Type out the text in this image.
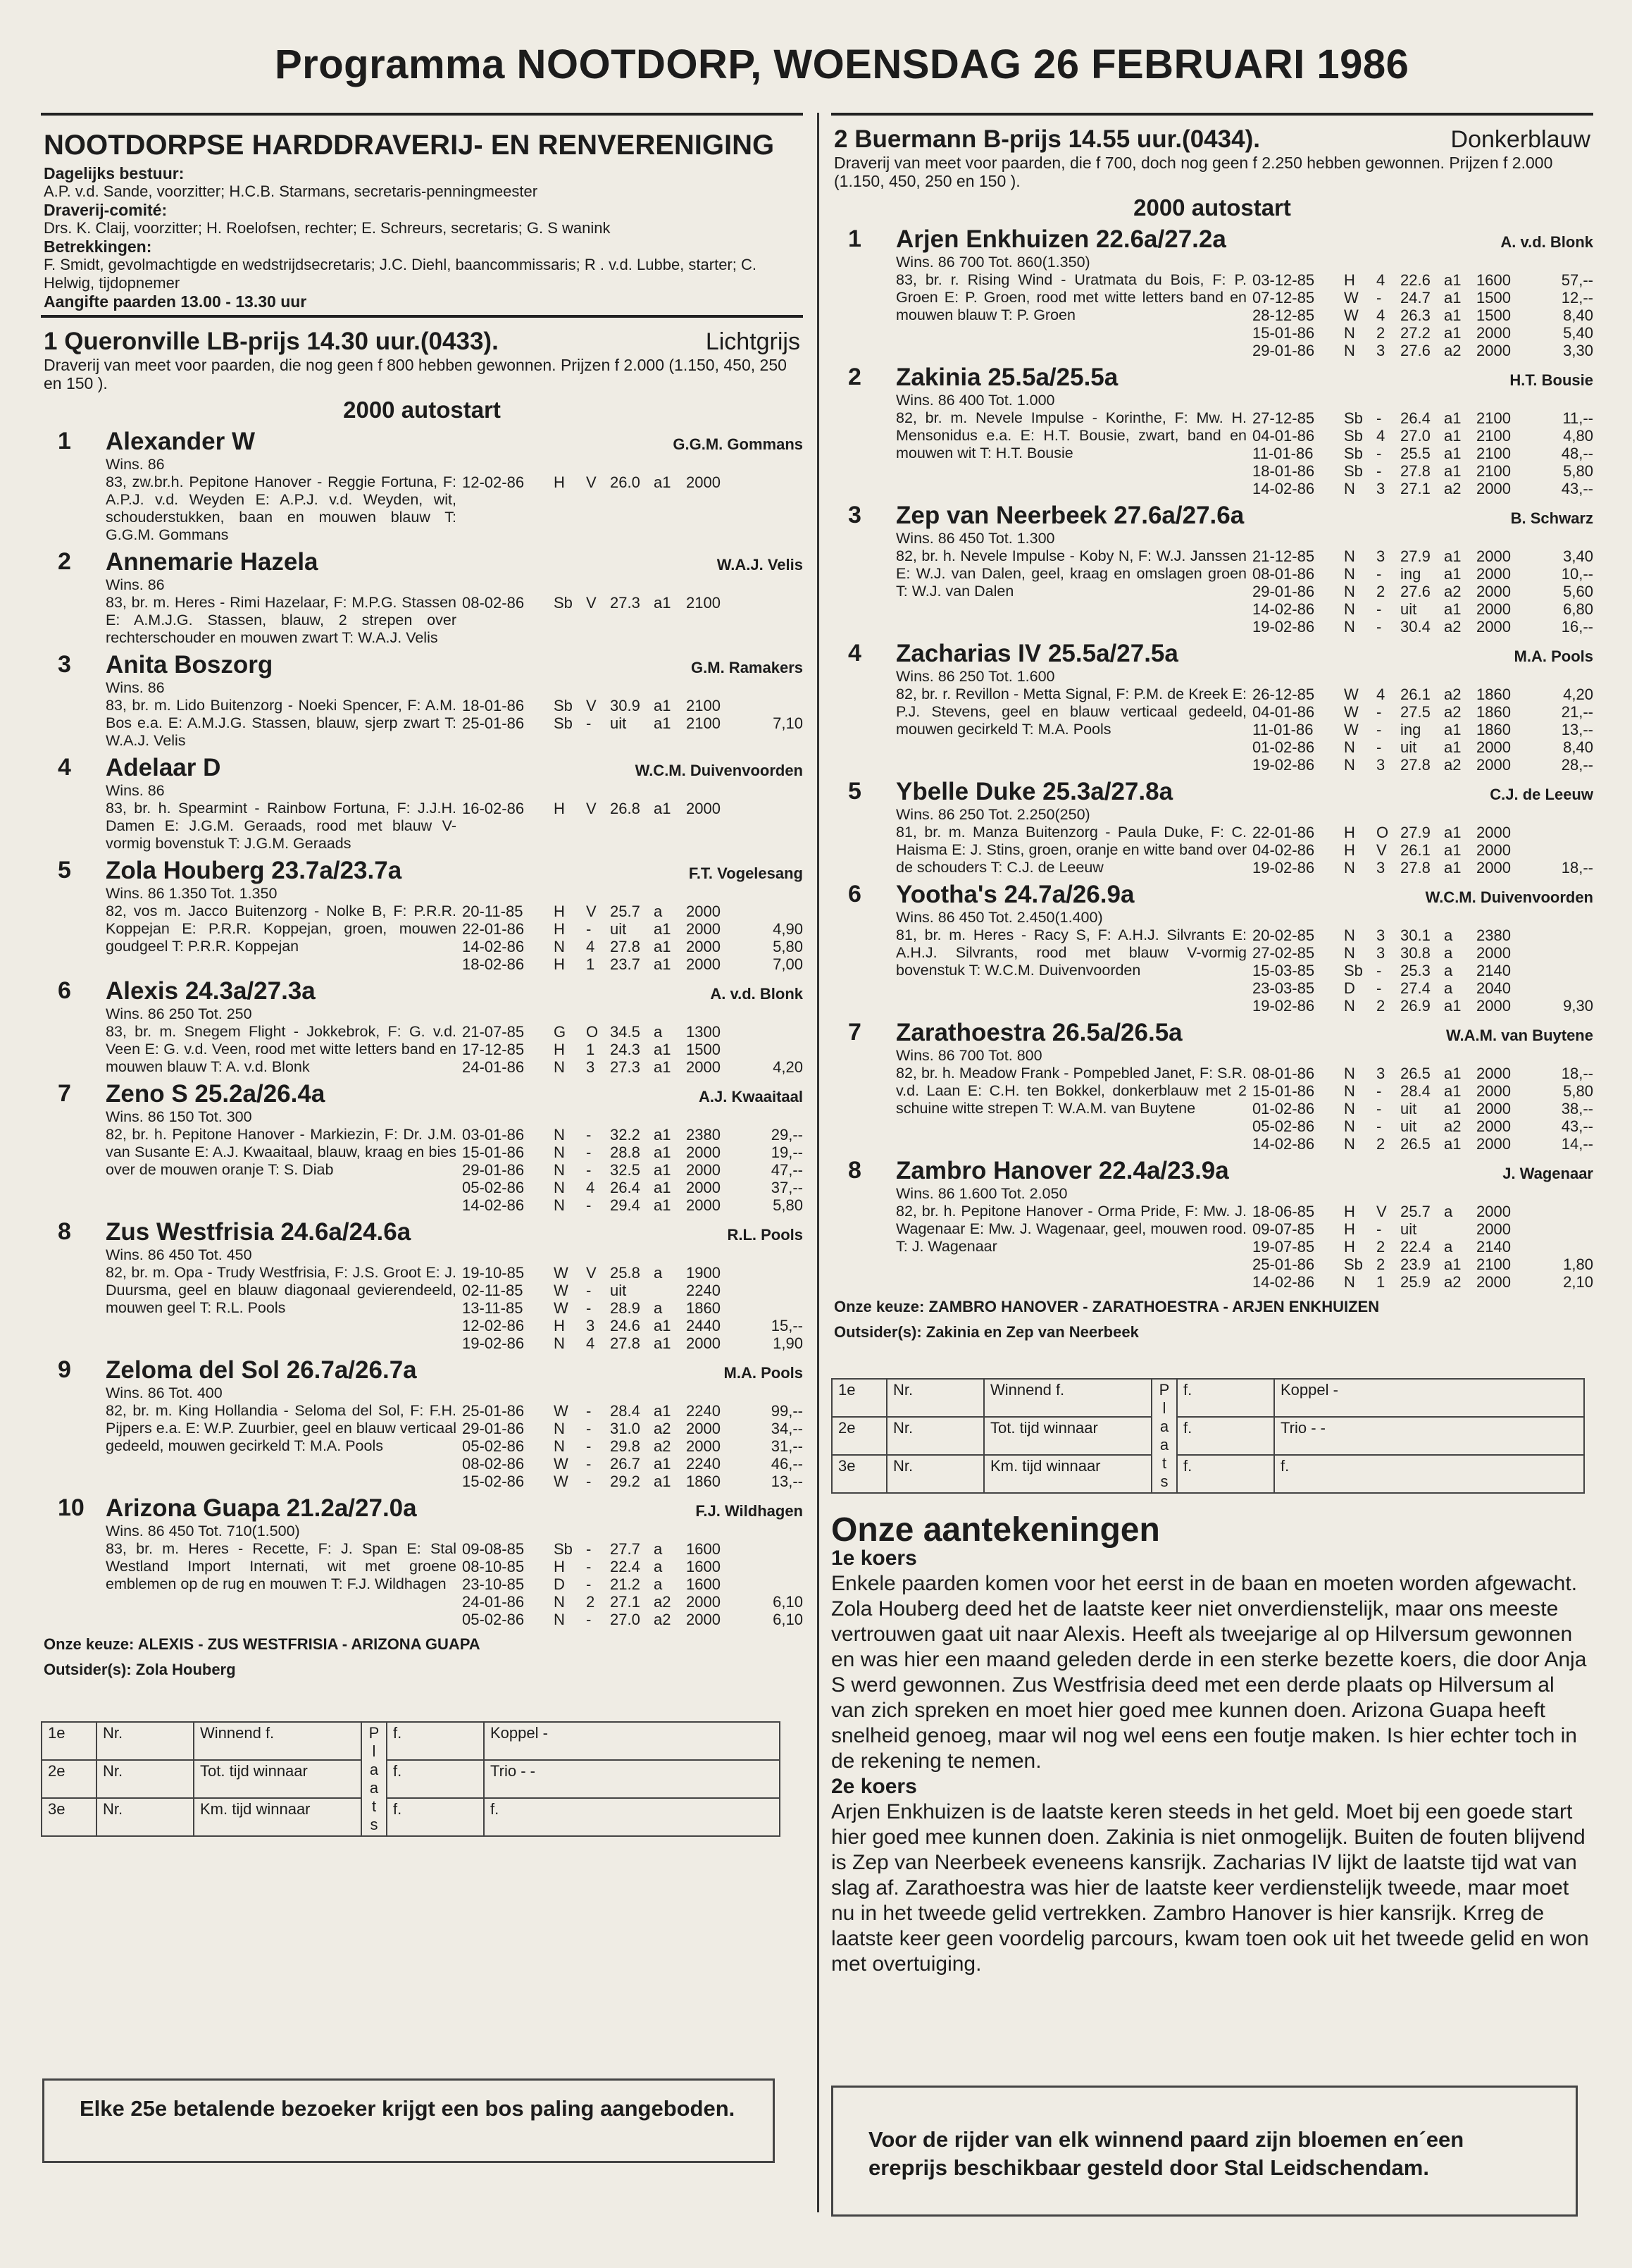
Programma NOOTDORP, WOENSDAG 26 FEBRUARI 1986
NOOTDORPSE HARDDRAVERIJ- EN RENVERENIGING
Dagelijks bestuur:
A.P. v.d. Sande, voorzitter; H.C.B. Starmans, secretaris-penningmeester
Draverij-comité:
Drs. K. Claij, voorzitter; H. Roelofsen, rechter; E. Schreurs, secretaris; G. S wanink
Betrekkingen:
F. Smidt, gevolmachtigde en wedstrijdsecretaris; J.C. Diehl, baancommissaris; R . v.d. Lubbe, starter; C. Helwig, tijdopnemer
Aangifte paarden 13.00 - 13.30 uur
1 Queronville LB-prijs 14.30 uur.(0433).	Lichtgrijs
Draverij van meet voor paarden, die nog geen f 800 hebben gewonnen. Prijzen f 2.000 (1.150, 450, 250 en 150 ).
2000 autostart
1	Alexander W	G.G.M. Gommans
Wins. 86
83, zw.br.h. Pepitone Hanover - Reggie Fortuna, F: A.P.J. v.d. Weyden E: A.P.J. v.d. Weyden, wit, schouderstukken, baan en mouwen blauw T: G.G.M. Gommans

12-02-86	H	V 26.0 a1 2000
2	Annemarie Hazela	W.A.J. Velis
Wins. 86
83, br. m. Heres - Rimi Hazelaar, F: M.P.G. Stassen E: A.M.J.G. Stassen, blauw, 2 strepen over rechterschouder en mouwen zwart T: W.A.J. Velis

08-02-86	Sb V 27.3 a1 2100
3	Anita Boszorg	G.M. Ramakers
Wins. 86
83, br. m. Lido Buitenzorg - Noeki Spencer, F: A.M. Bos e.a. E: A.M.J.G. Stassen, blauw, sjerp zwart T: W.A.J. Velis

18-01-86	Sb V 30.9 a1 2100
25-01-86	Sb -	uit	a1 2100	7,10
4	Adelaar D	W.C.M. Duivenvoorden
Wins. 86
83, br. h. Spearmint - Rainbow Fortuna, F: J.J.H. Damen E: J.G.M. Geraads, rood met blauw V-vormig bovenstuk T: J.G.M. Geraads

16-02-86	H	V 26.8 a1 2000
5	Zola Houberg 23.7a/23.7a	F.T. Vogelesang
Wins. 86 1.350 Tot. 1.350
82, vos m. Jacco Buitenzorg - Nolke B, F: P.R.R. Koppejan E: P.R.R. Koppejan, groen, mouwen goudgeel T: P.R.R. Koppejan

20-11-85	H	V 25.7 a	2000
22-01-86	H	-	uit	a1 2000	4,90
14-02-86	N	4 27.8 a1 2000	5,80
18-02-86	H	1 23.7 a1 2000	7,00
6	Alexis 24.3a/27.3a	A. v.d. Blonk
Wins. 86 250 Tot. 250
83, br. m. Snegem Flight - Jokkebrok, F: G. v.d. Veen E: G. v.d. Veen, rood met witte letters band en mouwen blauw T: A. v.d. Blonk

21-07-85	G	O 34.5 a	1300
17-12-85	H	1 24.3 a1 1500
24-01-86	N	3 27.3 a1 2000	4,20
7	Zeno S 25.2a/26.4a	A.J. Kwaaitaal
Wins. 86 150 Tot. 300
82, br. h. Pepitone Hanover - Markiezin, F: Dr. J.M. van Susante E: A.J. Kwaaitaal, blauw, kraag en bies over de mouwen oranje T: S. Diab

03-01-86	N	-	32.2 a1 2380	29,--
15-01-86	N	-	28.8 a1 2000	19,--
29-01-86	N	-	32.5 a1 2000	47,--
05-02-86	N	4 26.4 a1 2000	37,--
14-02-86	N	-	29.4 a1 2000	5,80
8	Zus Westfrisia 24.6a/24.6a	R.L. Pools
Wins. 86 450 Tot. 450
82, br. m. Opa - Trudy Westfrisia, F: J.S. Groot E: J. Duursma, geel en blauw diagonaal gevierendeeld, mouwen geel T: R.L. Pools

19-10-85	W	V 25.8 a	1900
02-11-85	W	-	uit	2240
13-11-85	W	-	28.9 a	1860
12-02-86	H	3 24.6 a1 2440	15,--
19-02-86	N	4 27.8 a1 2000	1,90
9	Zeloma del Sol 26.7a/26.7a	M.A. Pools
Wins. 86 Tot. 400
82, br. m. King Hollandia - Seloma del Sol, F: F.H. Pijpers e.a. E: W.P. Zuurbier, geel en blauw verticaal gedeeld, mouwen gecirkeld T: M.A. Pools

25-01-86	W	-	28.4 a1 2240	99,--
29-01-86	N	-	31.0 a2 2000	34,--
05-02-86	N	-	29.8 a2 2000	31,--
08-02-86	W	-	26.7 a1 2240	46,--
15-02-86	W	-	29.2 a1 1860	13,--
10 Arizona Guapa 21.2a/27.0a	F.J. Wildhagen
Wins. 86 450 Tot. 710(1.500)
83, br. m. Heres - Recette, F: J. Span E: Stal Westland Import Internati, wit met groene emblemen op de rug en mouwen T: F.J. Wildhagen

09-08-85	Sb -	27.7 a	1600
08-10-85	H	-	22.4 a	1600
23-10-85	D	-	21.2 a	1600
24-01-86	N	2 27.1 a2 2000	6,10
05-02-86	N	-	27.0 a2 2000	6,10
Onze keuze: ALEXIS - ZUS WESTFRISIA - ARIZONA GUAPA
Outsider(s): Zola Houberg
1e	Nr.	Winnend f.	P l a a t s	f.	Koppel -
2e	Nr.	Tot. tijd winnaar		f.	Trio - -
3e	Nr.	Km. tijd winnaar		f.	f.
2 Buermann B-prijs 14.55 uur.(0434).	Donkerblauw
Draverij van meet voor paarden, die f 700, doch nog geen f 2.250 hebben gewonnen. Prijzen f 2.000 (1.150, 450, 250 en 150 ).
2000 autostart
1	Arjen Enkhuizen 22.6a/27.2a	A. v.d. Blonk
Wins. 86 700 Tot. 860(1.350)
83, br. r. Rising Wind - Uratmata du Bois, F: P. Groen E: P. Groen, rood met witte letters band en mouwen blauw T: P. Groen

03-12-85	H	4 22.6 a1 1600	57,--
07-12-85	W	-	24.7 a1 1500	12,--
28-12-85	W	4 26.3 a1 1500	8,40
15-01-86	N	2 27.2 a1 2000	5,40
29-01-86	N	3 27.6 a2 2000	3,30
2	Zakinia 25.5a/25.5a	H.T. Bousie
Wins. 86 400 Tot. 1.000
82, br. m. Nevele Impulse - Korinthe, F: Mw. H. Mensonidus e.a. E: H.T. Bousie, zwart, band en mouwen wit T: H.T. Bousie

27-12-85	Sb -	26.4 a1 2100	11,--
04-01-86	Sb 4 27.0 a1 2100	4,80
11-01-86	Sb -	25.5 a1 2100	48,--
18-01-86	Sb -	27.8 a1 2100	5,80
14-02-86	N	3 27.1 a2 2000	43,--
3	Zep van Neerbeek 27.6a/27.6a	B. Schwarz
Wins. 86 450 Tot. 1.300
82, br. h. Nevele Impulse - Koby N, F: W.J. Janssen E: W.J. van Dalen, geel, kraag en omslagen groen T: W.J. van Dalen

21-12-85	N	3 27.9 a1 2000	3,40
08-01-86	N	-	ing	a1 2000	10,--
29-01-86	N	2 27.6 a2 2000	5,60
14-02-86	N	-	uit	a1 2000	6,80
19-02-86	N	-	30.4 a2 2000	16,--
4	Zacharias IV 25.5a/27.5a	M.A. Pools
Wins. 86 250 Tot. 1.600
82, br. r. Revillon - Metta Signal, F: P.M. de Kreek E: P.J. Stevens, geel en blauw verticaal gedeeld, mouwen gecirkeld T: M.A. Pools

26-12-85	W	4 26.1 a2 1860	4,20
04-01-86	W	-	27.5 a2 1860	21,--
11-01-86	W	-	ing	a1 1860	13,--
01-02-86	N	-	uit	a1 2000	8,40
19-02-86	N	3 27.8 a2 2000	28,--
5	Ybelle Duke 25.3a/27.8a	C.J. de Leeuw
Wins. 86 250 Tot. 2.250(250)
81, br. m. Manza Buitenzorg - Paula Duke, F: C. Haisma E: J. Stins, groen, oranje en witte band over de schouders T: C.J. de Leeuw

22-01-86	H	O 27.9 a1 2000
04-02-86	H	V 26.1 a1 2000
19-02-86	N	3 27.8 a1 2000	18,--
6	Yootha's 24.7a/26.9a	W.C.M. Duivenvoorden
Wins. 86 450 Tot. 2.450(1.400)
81, br. m. Heres - Racy S, F: A.H.J. Silvrants E: A.H.J. Silvrants, rood met blauw V-vormig bovenstuk T: W.C.M. Duivenvoorden

20-02-85	N	3 30.1 a	2380
27-02-85	N	3 30.8 a	2000
15-03-85	Sb -	25.3 a	2140
23-03-85	D	-	27.4 a	2040
19-02-86	N	2 26.9 a1 2000	9,30
7	Zarathoestra 26.5a/26.5a	W.A.M. van Buytene
Wins. 86 700 Tot. 800
82, br. h. Meadow Frank - Pompebled Janet, F: S.R. v.d. Laan E: C.H. ten Bokkel, donkerblauw met 2 schuine witte strepen T: W.A.M. van Buytene

08-01-86	N	3 26.5 a1 2000	18,--
15-01-86	N	-	28.4 a1 2000	5,80
01-02-86	N	-	uit	a1 2000	38,--
05-02-86	N	-	uit	a2 2000	43,--
14-02-86	N	2 26.5 a1 2000	14,--
8	Zambro Hanover 22.4a/23.9a	J. Wagenaar
Wins. 86 1.600 Tot. 2.050
82, br. h. Pepitone Hanover - Orma Pride, F: Mw. J. Wagenaar E: Mw. J. Wagenaar, geel, mouwen rood. T: J. Wagenaar

18-06-85	H	V 25.7 a	2000
09-07-85	H	-	uit	2000
19-07-85	H	2 22.4 a	2140
25-01-86	Sb 2 23.9 a1 2100	1,80
14-02-86	N	1 25.9 a2 2000	2,10
Onze keuze: ZAMBRO HANOVER - ZARATHOESTRA - ARJEN ENKHUIZEN
Outsider(s): Zakinia en Zep van Neerbeek
1e	Nr.	Winnend f.	P l a a t s	f.	Koppel -
2e	Nr.	Tot. tijd winnaar		f.	Trio - -
3e	Nr.	Km. tijd winnaar		f.	f.
Onze aantekeningen
1e koers
Enkele paarden komen voor het eerst in de baan en moeten worden afgewacht. Zola Houberg deed het de laatste keer niet onverdienstelijk, maar ons meeste vertrouwen gaat uit naar Alexis. Heeft als tweejarige al op Hilversum gewonnen en was hier een maand geleden derde in een sterke bezette koers, die door Anja S werd gewonnen. Zus Westfrisia deed met een derde plaats op Hilversum al van zich spreken en moet hier goed mee kunnen doen. Arizona Guapa heeft snelheid genoeg, maar wil nog wel eens een foutje maken. Is hier echter toch in de rekening te nemen.
2e koers
Arjen Enkhuizen is de laatste keren steeds in het geld. Moet bij een goede start hier goed mee kunnen doen. Zakinia is niet onmogelijk. Buiten de fouten blijvend is Zep van Neerbeek eveneens kansrijk. Zacharias IV lijkt de laatste tijd wat van slag af. Zarathoestra was hier de laatste keer verdienstelijk tweede, maar moet nu in het tweede gelid vertrekken. Zambro Hanover is hier kansrijk. Krreg de laatste keer geen voordelig parcours, kwam toen ook uit het tweede gelid en won met overtuiging.
Elke 25e betalende bezoeker krijgt een bos paling aangeboden.
Voor de rijder van elk winnend paard zijn bloemen en´een ereprijs beschikbaar gesteld door Stal Leidschendam.
